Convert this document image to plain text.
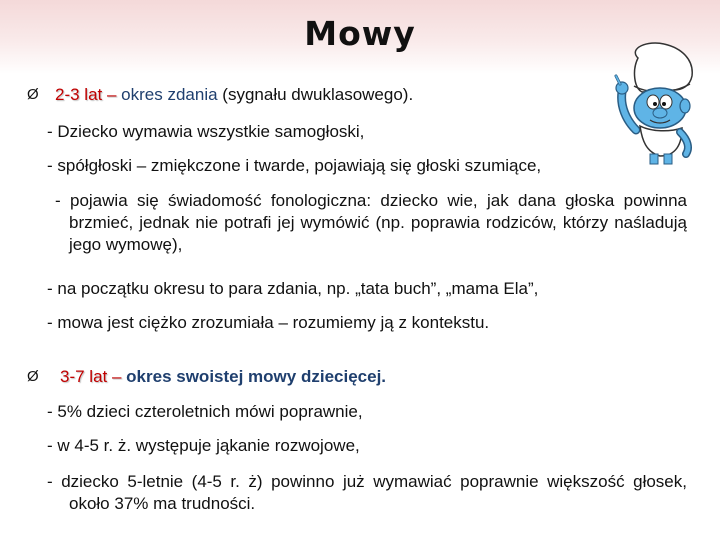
Mowy
Ø 2-3 lat – okres zdania (sygnału dwuklasowego).
- Dziecko wymawia wszystkie samogłoski,
- spółgłoski – zmiękczone i twarde, pojawiają się głoski szumiące,
- pojawia się świadomość fonologiczna: dziecko wie, jak dana głoska powinna brzmieć, jednak nie potrafi jej wymówić (np. poprawia rodziców, którzy naśladują jego wymowę),
- na początku okresu to para zdania, np. „tata buch”, „mama Ela”,
- mowa jest ciężko zrozumiała – rozumiemy ją z kontekstu.
Ø 3-7 lat – okres swoistej mowy dziecięcej.
- 5% dzieci czteroletnich mówi poprawnie,
- w 4-5 r. ż. występuje jąkanie rozwojowe,
- dziecko 5-letnie (4-5 r. ż) powinno już wymawiać poprawnie większość głosek, około 37% ma trudności.
